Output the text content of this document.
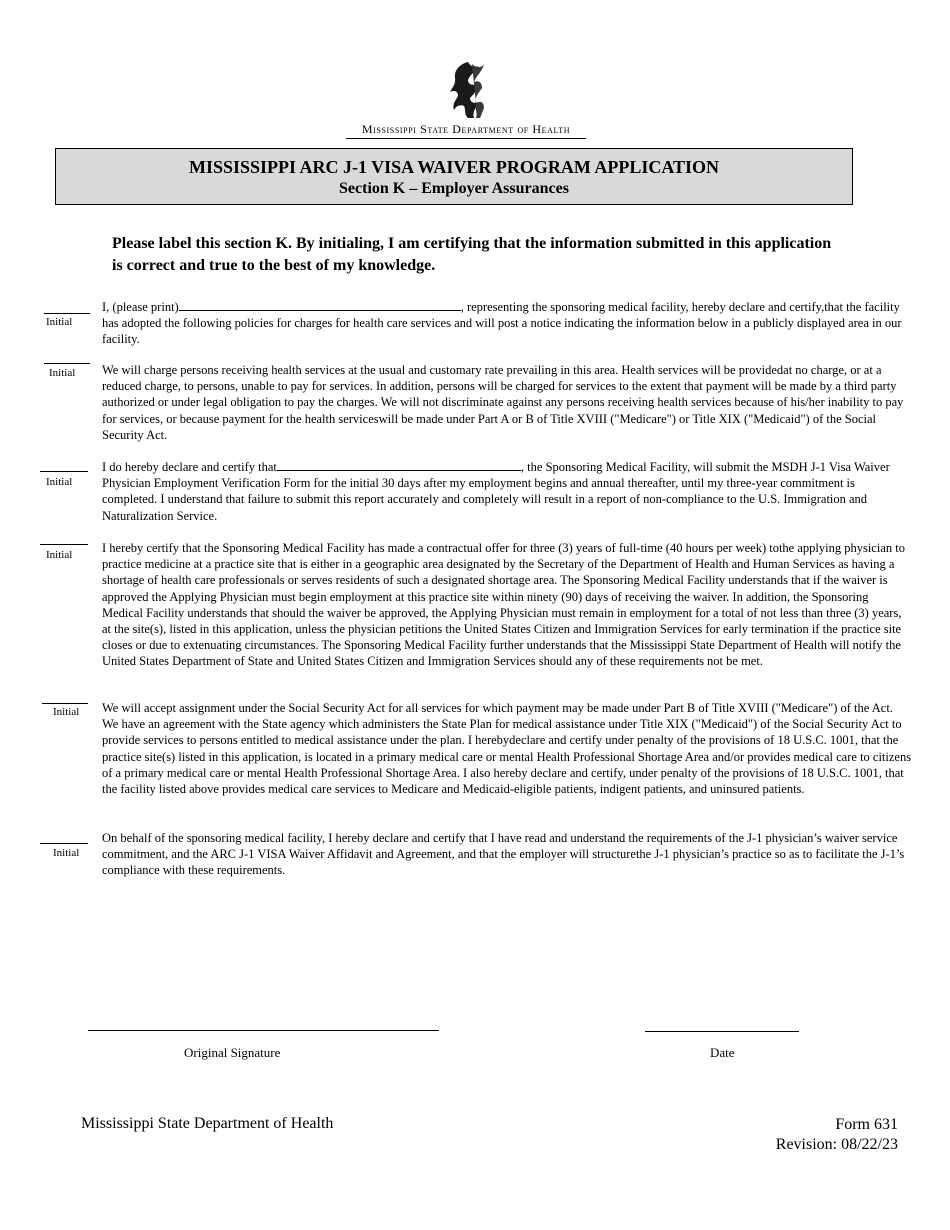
Mississippi State Department of Health
MISSISSIPPI ARC J-1 VISA WAIVER PROGRAM APPLICATION
Section K – Employer Assurances
Please label this section K. By initialing, I am certifying that the information submitted in this application is correct and true to the best of my knowledge.
Initial
I, (please print)	, representing the sponsoring medical facility, hereby declare and certify,that the facility has adopted the following policies for charges for health care services and will post a notice indicating the information below in a publicly displayed area in our facility.
Initial We will charge persons receiving health services at the usual and customary rate prevailing in this area. Health services will be providedat no charge, or at a reduced charge, to persons, unable to pay for services. In addition, persons will be charged for services to the extent that payment will be made by a third party authorized or under legal obligation to pay the charges. We will not discriminate against any persons receiving health services because of his/her inability to pay for services, or because payment for the health serviceswill be made under Part A or B of Title XVIII ("Medicare") or Title XIX ("Medicaid") of the Social Security Act.
Initial
I do hereby declare and certify that	, the Sponsoring Medical Facility, will submit the MSDH J-1 Visa Waiver Physician Employment Verification Form for the initial 30 days after my employment begins and annual thereafter, until my three-year commitment is completed. I understand that failure to submit this report accurately and completely will result in a report of non-compliance to the U.S. Immigration and Naturalization Service.
Initial I hereby certify that the Sponsoring Medical Facility has made a contractual offer for three (3) years of full-time (40 hours per week) tothe applying physician to practice medicine at a practice site that is either in a geographic area designated by the Secretary of the Department of Health and Human Services as having a shortage of health care professionals or serves residents of such a designated shortage area. The Sponsoring Medical Facility understands that if the waiver is approved the Applying Physician must begin employment at this practice site within ninety (90) days of receiving the waiver. In addition, the Sponsoring Medical Facility understands that should the waiver be approved, the Applying Physician must remain in employment for a total of not less than three (3) years, at the site(s), listed in this application, unless the physician petitions the United States Citizen and Immigration Services for early termination if the practice site closes or due to extenuating circumstances. The Sponsoring Medical Facility further understands that the Mississippi State Department of Health will notify the United States Department of State and United States Citizen and Immigration Services should any of these requirements not be met.
Initial We will accept assignment under the Social Security Act for all services for which payment may be made under Part B of Title XVIII ("Medicare") of the Act. We have an agreement with the State agency which administers the State Plan for medical assistance under Title XIX ("Medicaid") of the Social Security Act to provide services to persons entitled to medical assistance under the plan. I herebydeclare and certify under penalty of the provisions of 18 U.S.C. 1001, that the practice site(s) listed in this application, is located in a primary medical care or mental Health Professional Shortage Area and/or provides medical care to citizens of a primary medical care or mental Health Professional Shortage Area. I also hereby declare and certify, under penalty of the provisions of 18 U.S.C. 1001, that the facility listed above provides medical care services to Medicare and Medicaid-eligible patients, indigent patients, and uninsured patients.
Initial
On behalf of the sponsoring medical facility, I hereby declare and certify that I have read and understand the requirements of the J-1 physician’s waiver service commitment, and the ARC J-1 VISA Waiver Affidavit and Agreement, and that the employer will structurethe J-1 physician’s practice so as to facilitate the J-1’s compliance with these requirements.
Original Signature	Date
Mississippi State Department of Health	Form 631
Revision: 08/22/23
